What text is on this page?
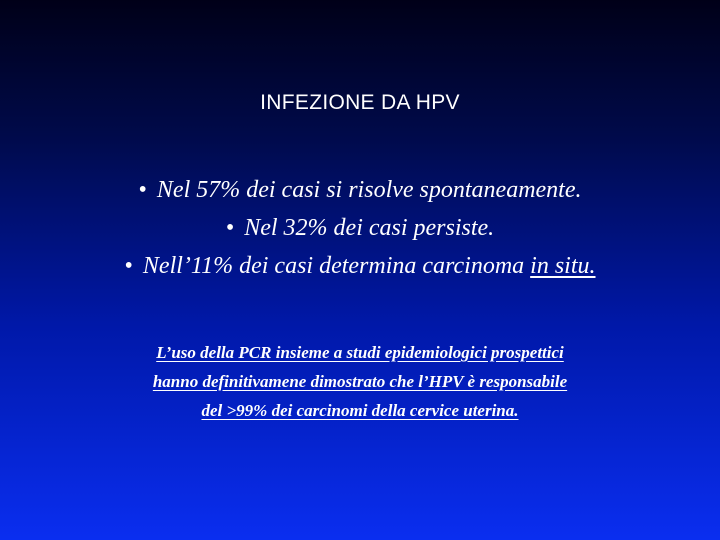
INFEZIONE DA HPV
• Nel 57% dei casi si risolve spontaneamente.
• Nel 32% dei casi persiste.
• Nell’11% dei casi determina carcinoma in situ.
L’uso della PCR insieme a studi epidemiologici prospettici
hanno definitivamene dimostrato che l’HPV è responsabile
del >99% dei carcinomi della cervice uterina.
